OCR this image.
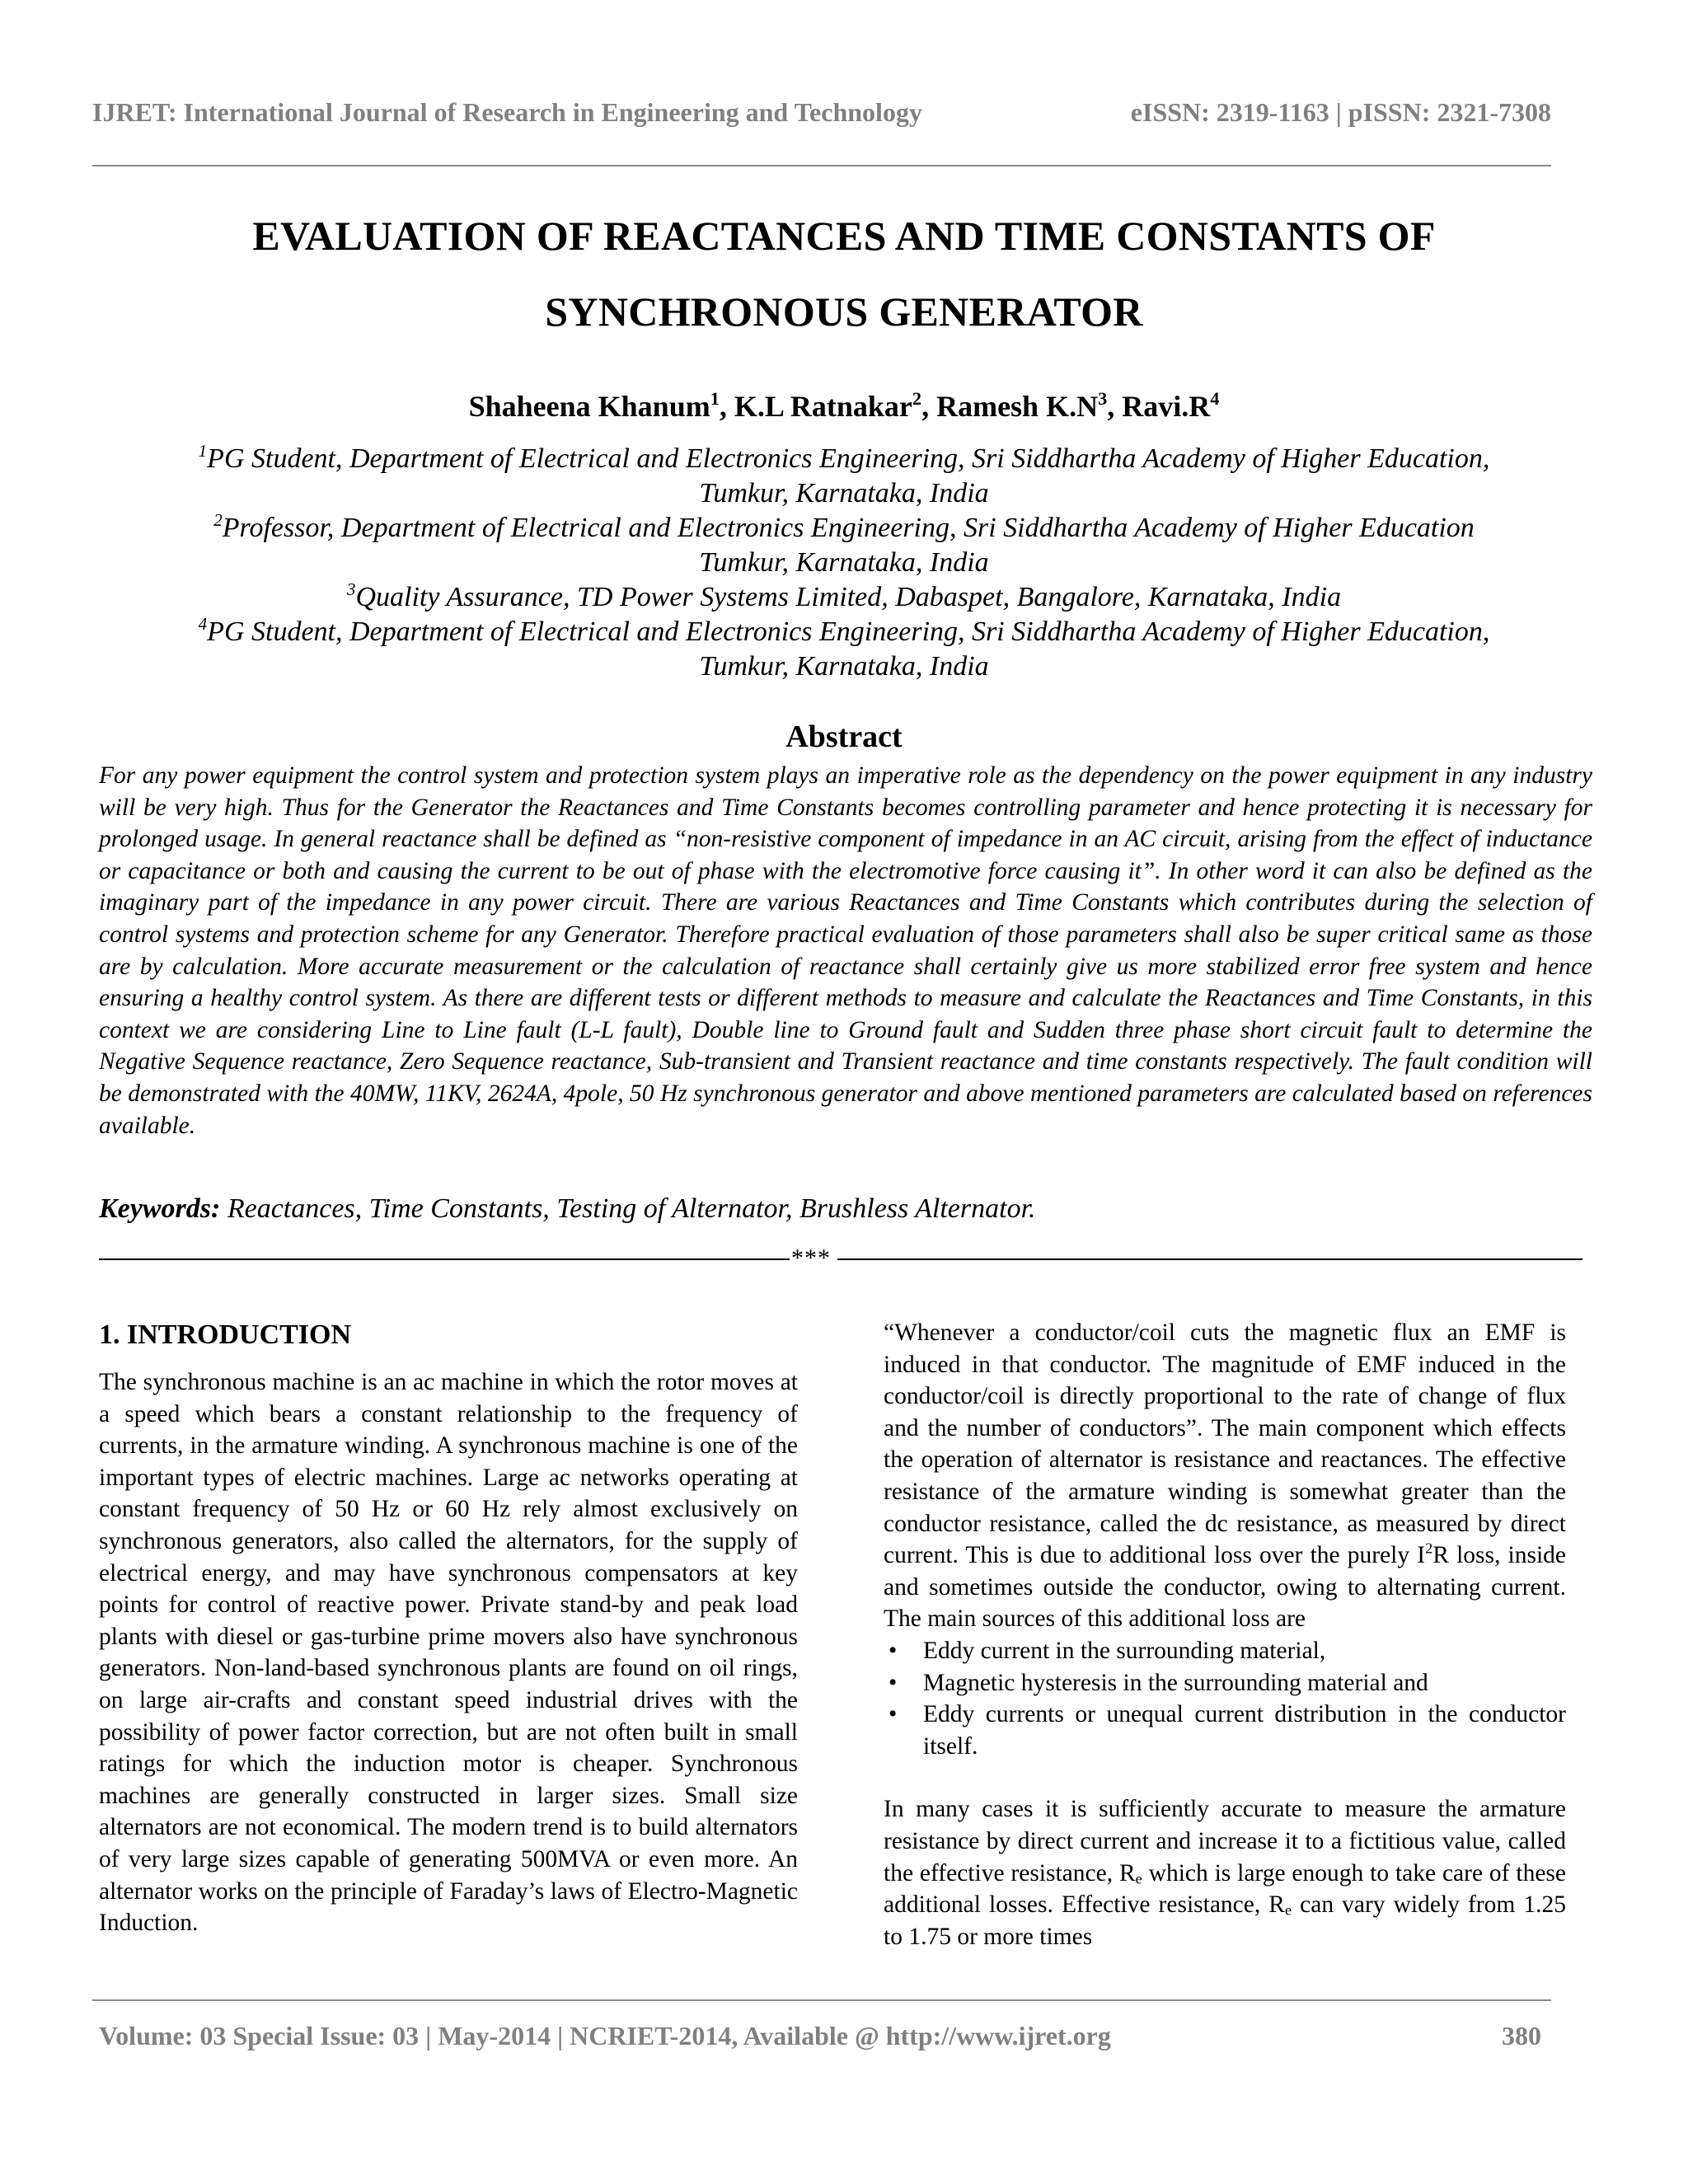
IJRET: International Journal of Research in Engineering and Technology	eISSN: 2319-1163 | pISSN: 2321-7308
EVALUATION OF REACTANCES AND TIME CONSTANTS OF
SYNCHRONOUS GENERATOR
Shaheena Khanum$^1$, K.L Ratnakar$^2$, Ramesh $K.N^3$, $Ravi.R^4$
$^1$PG Student, Department of Electrical and Electronics Engineering, Sri Siddhartha Academy of Higher Education,
Tumkur, Karnataka, India
$^2$Professor, Department of Electrical and Electronics Engineering, Sri Siddhartha Academy of Higher Education
Tumkur, Karnataka, India
$^3$Quality Assurance, TD Power Systems Limited, Dabaspet, Bangalore, Karnataka, India
$^4$PG Student, Department of Electrical and Electronics Engineering, Sri Siddhartha Academy of Higher Education,
Tumkur, Karnataka, India
Abstract
For any power equipment the control system and protection system plays an imperative role as the dependency on the power equipment in any industry will be very high. Thus for the Generator the Reactances and Time Constants becomes controlling parameter and hence protecting it is necessary for prolonged usage. In general reactance shall be defined as “non-resistive component of impedance in an AC circuit, arising from the effect of inductance or capacitance or both and causing the current to be out of phase with the electromotive force causing it”. In other word it can also be defined as the imaginary part of the impedance in any power circuit. There are various Reactances and Time Constants which contributes during the selection of control systems and protection scheme for any Generator. Therefore practical evaluation of those parameters shall also be super critical same as those are by calculation. More accurate measurement or the calculation of reactance shall certainly give us more stabilized error free system and hence ensuring a healthy control system. As there are different tests or different methods to measure and calculate the Reactances and Time Constants, in this context we are considering Line to Line fault (L-L fault), Double line to Ground fault and Sudden three phase short circuit fault to determine the Negative Sequence reactance, Zero Sequence reactance, Sub-transient and Transient reactance and time constants respectively. The fault condition will be demonstrated with the 40MW, 11KV, 2624A, 4pole, 50 Hz synchronous generator and above mentioned parameters are calculated based on references available.
Keywords: Reactances, Time Constants, Testing of Alternator, Brushless Alternator.
***
1. INTRODUCTION

The synchronous machine is an ac machine in which the rotor moves at a speed which bears a constant relationship to the frequency of currents, in the armature winding. A synchronous machine is one of the important types of electric machines. Large ac networks operating at constant frequency of 50 Hz or 60 Hz rely almost exclusively on synchronous generators, also called the alternators, for the supply of electrical energy, and may have synchronous compensators at key points for control of reactive power. Private stand-by and peak load plants with diesel or gas-turbine prime movers also have synchronous generators. Non-land-based synchronous plants are found on oil rings, on large air-crafts and constant speed industrial drives with the possibility of power factor correction, but are not often built in small ratings for which the induction motor is cheaper. Synchronous machines are generally constructed in larger sizes. Small size alternators are not economical. The modern trend is to build alternators of very large sizes capable of generating 500MVA or even more. An alternator works on the principle of Faraday’s laws of Electro-Magnetic Induction.

“Whenever a conductor/coil cuts the magnetic flux an EMF is induced in that conductor. The magnitude of EMF induced in the conductor/coil is directly proportional to the rate of change of flux and the number of conductors”. The main component which effects the operation of alternator is resistance and reactances. The effective resistance of the armature winding is somewhat greater than the conductor resistance, called the dc resistance, as measured by direct current. This is due to additional loss over the purely $I^2R$ loss, inside and sometimes outside the conductor, owing to alternating current. The main sources of this additional loss are

• Eddy current in the surrounding material,
• Magnetic hysteresis in the surrounding material and
• Eddy currents or unequal current distribution in the conductor itself.

In many cases it is sufficiently accurate to measure the armature resistance by direct current and increase it to a fictitious value, called the effective resistance, $R_e$ which is large enough to take care of these additional losses. Effective resistance, $R_e$ can vary widely from 1.25 to 1.75 or more times

Volume: 03 Special Issue: 03 | May-2014 | NCRIET-2014, Available @ http://www.ijret.org	380
